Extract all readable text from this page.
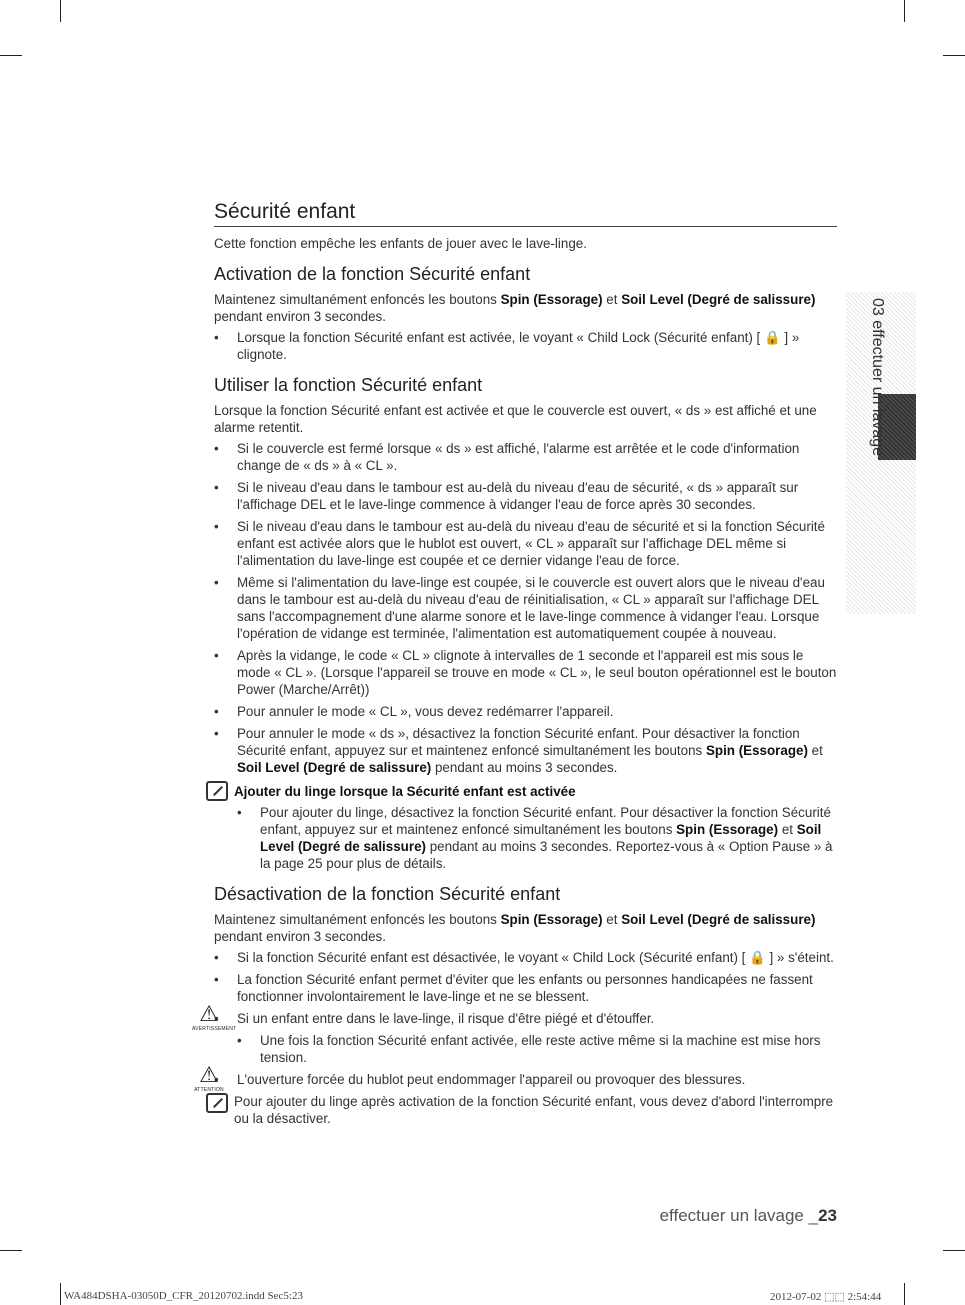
03 effectuer un lavage
Sécurité enfant

Cette fonction empêche les enfants de jouer avec le lave-linge.

Activation de la fonction Sécurité enfant

Maintenez simultanément enfoncés les boutons Spin (Essorage) et Soil Level (Degré de salissure) pendant environ 3 secondes.

• Lorsque la fonction Sécurité enfant est activée, le voyant « Child Lock (Sécurité enfant) [ 🔒 ] » clignote.
Utiliser la fonction Sécurité enfant

Lorsque la fonction Sécurité enfant est activée et que le couvercle est ouvert, « ds » est affiché et une alarme retentit.

• Si le couvercle est fermé lorsque « ds » est affiché, l'alarme est arrêtée et le code d'information change de « ds » à « CL ».
• Si le niveau d'eau dans le tambour est au-delà du niveau d'eau de sécurité, « ds » apparaît sur l'affichage DEL et le lave-linge commence à vidanger l'eau de force après 30 secondes.
• Si le niveau d'eau dans le tambour est au-delà du niveau d'eau de sécurité et si la fonction Sécurité enfant est activée alors que le hublot est ouvert, « CL » apparaît sur l'affichage DEL même si l'alimentation du lave-linge est coupée et ce dernier vidange l'eau de force.
• Même si l'alimentation du lave-linge est coupée, si le couvercle est ouvert alors que le niveau d'eau dans le tambour est au-delà du niveau d'eau de réinitialisation, « CL » apparaît sur l'affichage DEL sans l'accompagnement d'une alarme sonore et le lave-linge commence à vidanger l'eau. Lorsque l'opération de vidange est terminée, l'alimentation est automatiquement coupée à nouveau.
• Après la vidange, le code « CL » clignote à intervalles de 1 seconde et l'appareil est mis sous le mode « CL ». (Lorsque l'appareil se trouve en mode « CL », le seul bouton opérationnel est le bouton Power (Marche/Arrêt))
• Pour annuler le mode « CL », vous devez redémarrer l'appareil.
• Pour annuler le mode « ds », désactivez la fonction Sécurité enfant. Pour désactiver la fonction Sécurité enfant, appuyez sur et maintenez enfoncé simultanément les boutons Spin (Essorage) et Soil Level (Degré de salissure) pendant au moins 3 secondes.
Ajouter du linge lorsque la Sécurité enfant est activée
• Pour ajouter du linge, désactivez la fonction Sécurité enfant. Pour désactiver la fonction Sécurité enfant, appuyez sur et maintenez enfoncé simultanément les boutons Spin (Essorage) et Soil Level (Degré de salissure) pendant au moins 3 secondes. Reportez-vous à « Option Pause » à la page 25 pour plus de détails.
Désactivation de la fonction Sécurité enfant

Maintenez simultanément enfoncés les boutons Spin (Essorage) et Soil Level (Degré de salissure) pendant environ 3 secondes.

• Si la fonction Sécurité enfant est désactivée, le voyant « Child Lock (Sécurité enfant) [ 🔒 ] » s'éteint.
• La fonction Sécurité enfant permet d'éviter que les enfants ou personnes handicapées ne fassent fonctionner involontairement le lave-linge et ne se blessent.
⚠
AVERTISSEMENT
• Si un enfant entre dans le lave-linge, il risque d'être piégé et d'étouffer.
• Une fois la fonction Sécurité enfant activée, elle reste active même si la machine est mise hors tension.
⚠
ATTENTION
• L'ouverture forcée du hublot peut endommager l'appareil ou provoquer des blessures.

Pour ajouter du linge après activation de la fonction Sécurité enfant, vous devez d'abord l'interrompre ou la désactiver.

effectuer un lavage _23
WA484DSHA-03050D_CFR_20120702.indd Sec5:23	2012-07-02 ⬚⬚ 2:54:44
